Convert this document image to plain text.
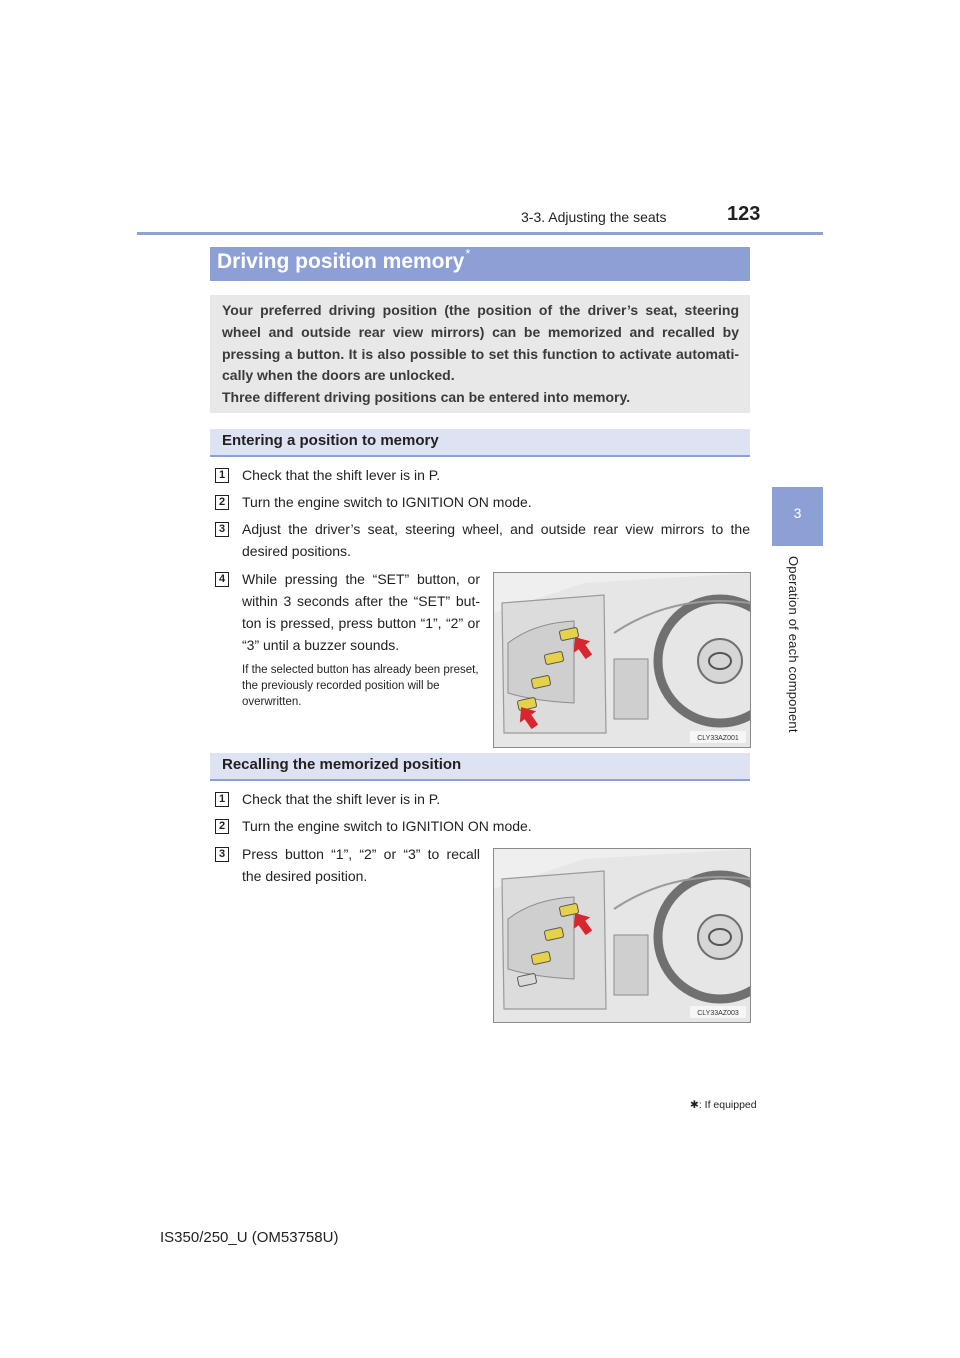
3-3. Adjusting the seats	123
3
Operation of each component
Driving position memory*

Your preferred driving position (the position of the driver’s seat, steering wheel and outside rear view mirrors) can be memorized and recalled by pressing a button. It is also possible to set this function to activate automati-cally when the doors are unlocked.

Three different driving positions can be entered into memory.

Entering a position to memory
1 Check that the shift lever is in P.
2 Turn the engine switch to IGNITION ON mode.
3 Adjust the driver’s seat, steering wheel, and outside rear view mirrors to the desired positions.
4 While pressing the “SET” button, or within 3 seconds after the “SET” but-ton is pressed, press button “1”, “2” or “3” until a buzzer sounds.
If the selected button has already been preset, the previously recorded position will be overwritten.
CLY33AZ001
Recalling the memorized position
1 Check that the shift lever is in P.
2 Turn the engine switch to IGNITION ON mode.
3 Press button “1”, “2” or “3” to recall the desired position.
CLY33AZ003
✱: If equipped
IS350/250_U (OM53758U)
